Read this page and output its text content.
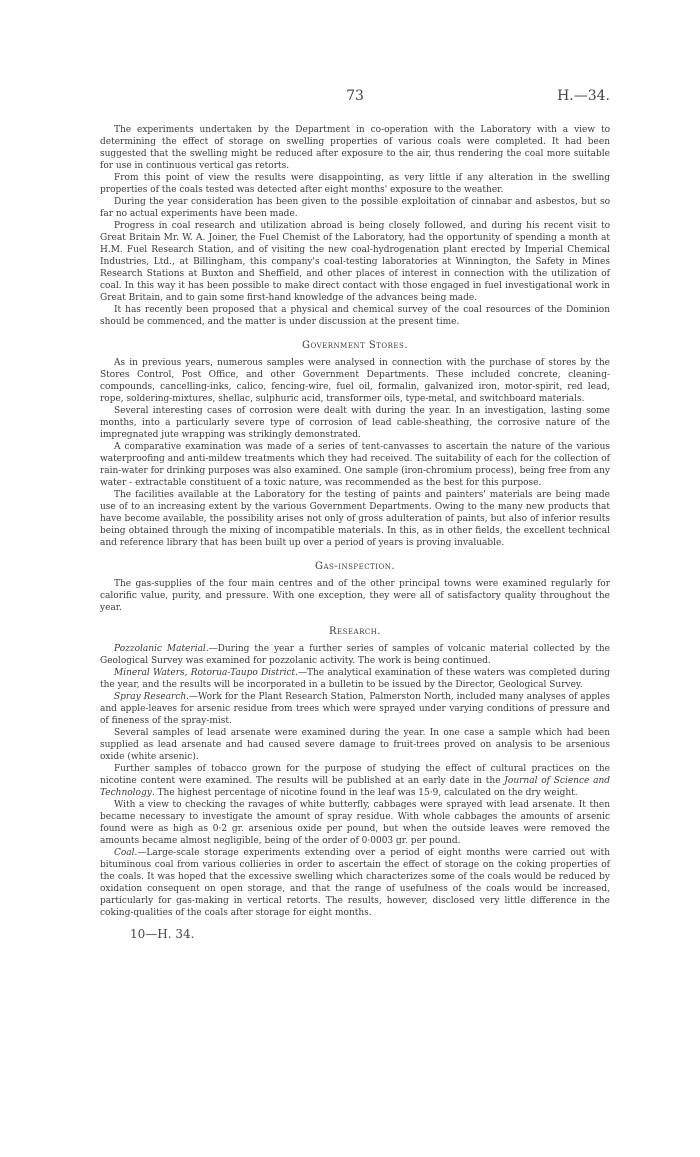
73	H.—34.

The experiments undertaken by the Department in co-operation with the Laboratory with a view to determining the effect of storage on swelling properties of various coals were completed. It had been suggested that the swelling might be reduced after exposure to the air, thus rendering the coal more suitable for use in continuous vertical gas retorts.

From this point of view the results were disappointing, as very little if any alteration in the swelling properties of the coals tested was detected after eight months' exposure to the weather.

During the year consideration has been given to the possible exploitation of cinnabar and asbestos, but so far no actual experiments have been made.

Progress in coal research and utilization abroad is being closely followed, and during his recent visit to Great Britain Mr. W. A. Joiner, the Fuel Chemist of the Laboratory, had the opportunity of spending a month at H.M. Fuel Research Station, and of visiting the new coal-hydrogenation plant erected by Imperial Chemical Industries, Ltd., at Billingham, this company's coal-testing laboratories at Winnington, the Safety in Mines Research Stations at Buxton and Sheffield, and other places of interest in connection with the utilization of coal. In this way it has been possible to make direct contact with those engaged in fuel investigational work in Great Britain, and to gain some first-hand knowledge of the advances being made.

It has recently been proposed that a physical and chemical survey of the coal resources of the Dominion should be commenced, and the matter is under discussion at the present time.

Government Stores.

As in previous years, numerous samples were analysed in connection with the purchase of stores by the Stores Control, Post Office, and other Government Departments. These included concrete, cleaning-compounds, cancelling-inks, calico, fencing-wire, fuel oil, formalin, galvanized iron, motor-spirit, red lead, rope, soldering-mixtures, shellac, sulphuric acid, transformer oils, type-metal, and switchboard materials.

Several interesting cases of corrosion were dealt with during the year. In an investigation, lasting some months, into a particularly severe type of corrosion of lead cable-sheathing, the corrosive nature of the impregnated jute wrapping was strikingly demonstrated.

A comparative examination was made of a series of tent-canvasses to ascertain the nature of the various waterproofing and anti-mildew treatments which they had received. The suitability of each for the collection of rain-water for drinking purposes was also examined. One sample (iron-chromium process), being free from any water - extractable constituent of a toxic nature, was recommended as the best for this purpose.

The facilities available at the Laboratory for the testing of paints and painters' materials are being made use of to an increasing extent by the various Government Departments. Owing to the many new products that have become available, the possibility arises not only of gross adulteration of paints, but also of inferior results being obtained through the mixing of incompatible materials. In this, as in other fields, the excellent technical and reference library that has been built up over a period of years is proving invaluable.

Gas-inspection.

The gas-supplies of the four main centres and of the other principal towns were examined regularly for calorific value, purity, and pressure. With one exception, they were all of satisfactory quality throughout the year.

Research.

Pozzolanic Material.—During the year a further series of samples of volcanic material collected by the Geological Survey was examined for pozzolanic activity. The work is being continued.

Mineral Waters, Rotorua-Taupo District.—The analytical examination of these waters was completed during the year, and the results will be incorporated in a bulletin to be issued by the Director, Geological Survey.

Spray Research.—Work for the Plant Research Station, Palmerston North, included many analyses of apples and apple-leaves for arsenic residue from trees which were sprayed under varying conditions of pressure and of fineness of the spray-mist.

Several samples of lead arsenate were examined during the year. In one case a sample which had been supplied as lead arsenate and had caused severe damage to fruit-trees proved on analysis to be arsenious oxide (white arsenic).

Further samples of tobacco grown for the purpose of studying the effect of cultural practices on the nicotine content were examined. The results will be published at an early date in the Journal of Science and Technology. The highest percentage of nicotine found in the leaf was 15·9, calculated on the dry weight.

With a view to checking the ravages of white butterfly, cabbages were sprayed with lead arsenate. It then became necessary to investigate the amount of spray residue. With whole cabbages the amounts of arsenic found were as high as 0·2 gr. arsenious oxide per pound, but when the outside leaves were removed the amounts became almost negligible, being of the order of 0·0003 gr. per pound.

Coal.—Large-scale storage experiments extending over a period of eight months were carried out with bituminous coal from various collieries in order to ascertain the effect of storage on the coking properties of the coals. It was hoped that the excessive swelling which characterizes some of the coals would be reduced by oxidation consequent on open storage, and that the range of usefulness of the coals would be increased, particularly for gas-making in vertical retorts. The results, however, disclosed very little difference in the coking-qualities of the coals after storage for eight months.

10—H. 34.
